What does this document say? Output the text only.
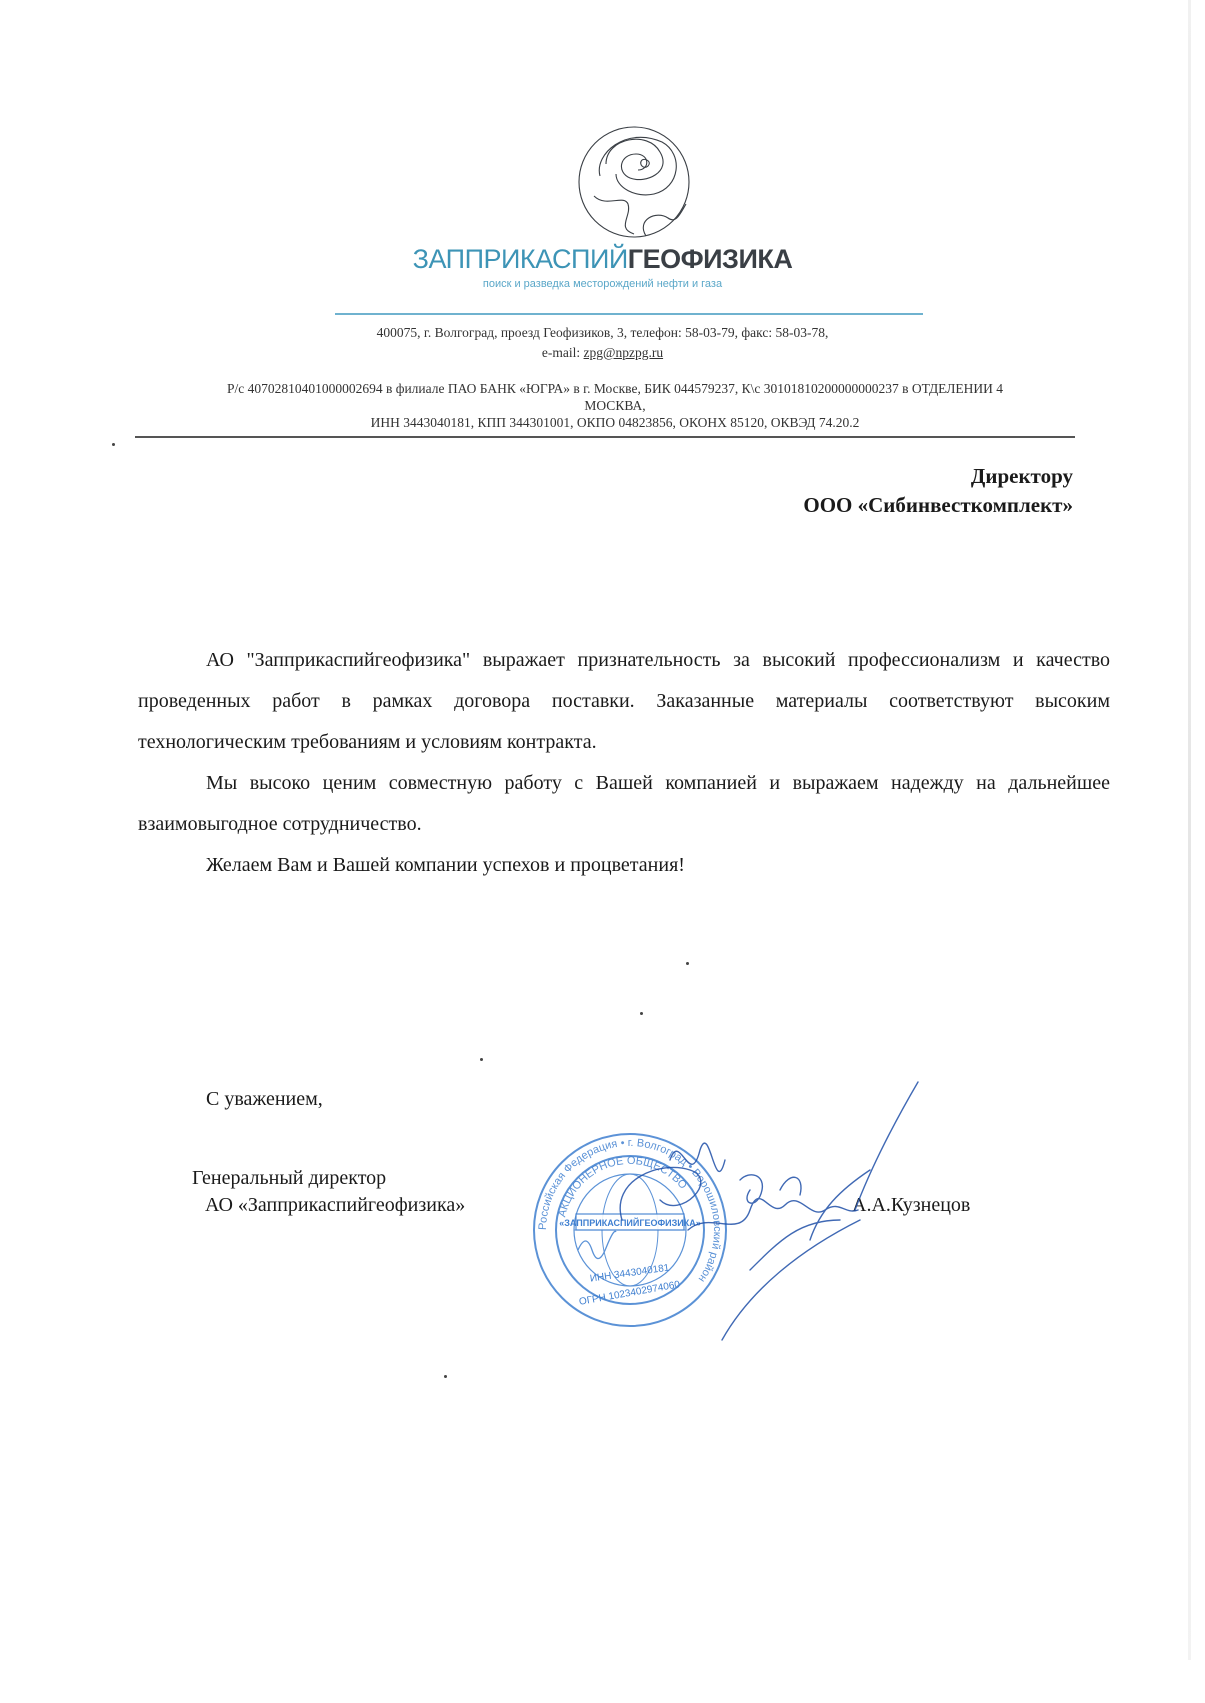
ЗАППРИКАСПИЙГЕОФИЗИКА
поиск и разведка месторождений нефти и газа
400075, г. Волгоград, проезд Геофизиков, 3, телефон: 58-03-79, факс: 58-03-78,
e-mail: zpg@npzpg.ru
Р/с 40702810401000002694 в филиале ПАО БАНК «ЮГРА» в г. Москве, БИК 044579237, К\с 30101810200000000237 в ОТДЕЛЕНИИ 4
МОСКВА,
ИНН 3443040181, КПП 344301001, ОКПО 04823856, ОКОНХ 85120, ОКВЭД 74.20.2
Директору
ООО «Сибинвесткомплект»

АО "Запприкаспийгеофизика" выражает признательность за высокий профессионализм и качество проведенных работ в рамках договора поставки. Заказанные материалы соответствуют высоким технологическим требованиям и условиям контракта.

Мы высоко ценим совместную работу с Вашей компанией и выражаем надежду на дальнейшее взаимовыгодное сотрудничество.

Желаем Вам и Вашей компании успехов и процветания!

С уважением,
Генеральный директор
АО «Запприкаспийгеофизика»	А.А.Кузнецов
«ЗАППРИКАСПИЙГЕОФИЗИКА»
Российская Федерация • г. Волгоград • Ворошиловский район
АКЦИОНЕРНОЕ ОБЩЕСТВО
ИНН 3443040181
ОГРН 1023402974060
